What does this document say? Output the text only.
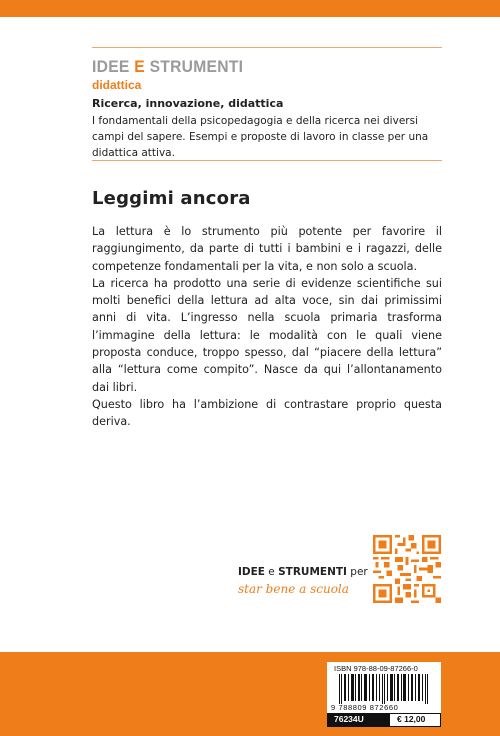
IDEE E STRUMENTI
didattica
Ricerca, innovazione, didattica
I fondamentali della psicopedagogia e della ricerca nei diversi campi del sapere. Esempi e proposte di lavoro in classe per una didattica attiva.
Leggimi ancora

La lettura è lo strumento più potente per favorire il raggiungimento, da parte di tutti i bambini e i ragazzi, delle competenze fondamentali per la vita, e non solo a scuola.

La ricerca ha prodotto una serie di evidenze scientifiche sui molti benefici della lettura ad alta voce, sin dai primissimi anni di vita. L’ingresso nella scuola primaria trasforma l’immagine della lettura: le modalità con le quali viene proposta conduce, troppo spesso, dal “piacere della lettura” alla “lettura come compito”. Nasce da qui l’allontanamento dai libri.

Questo libro ha l’ambizione di contrastare proprio questa deriva.

IDEE e STRUMENTI per
star bene a scuola
ISBN 978-88-09-87266-0
9 788809 872660
76234U	€ 12,00
